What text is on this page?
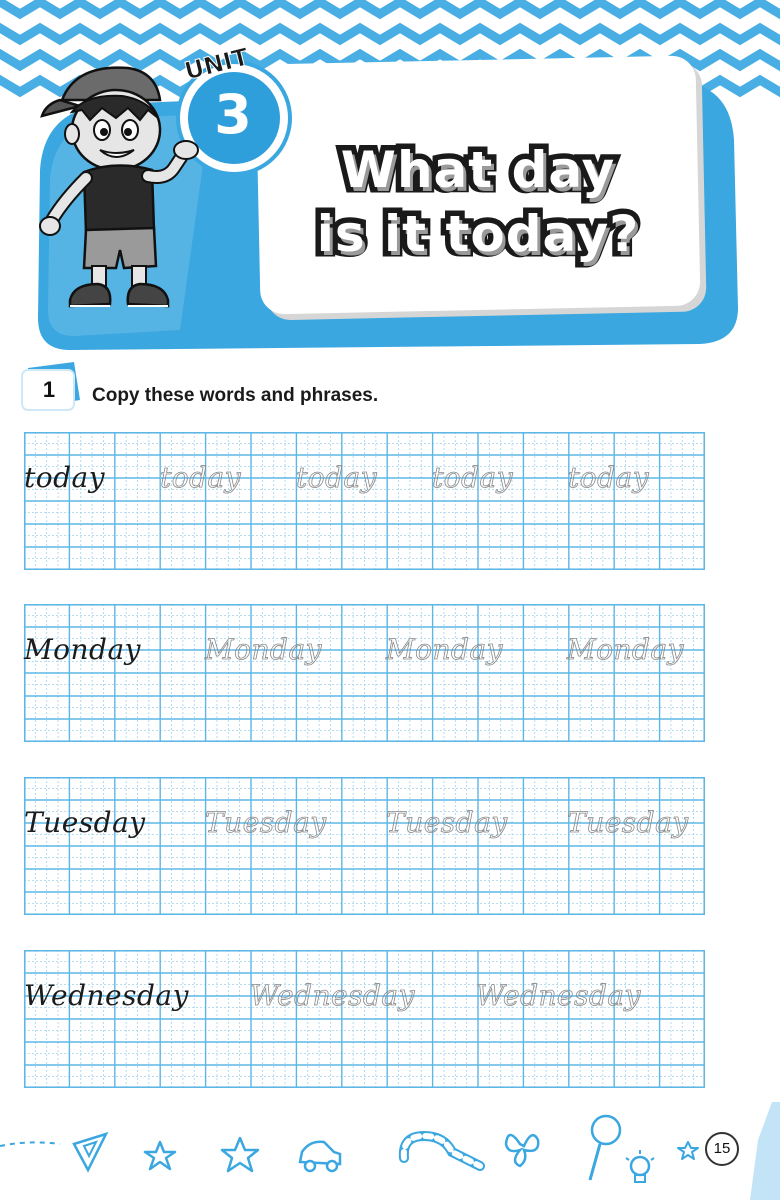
What day
is it today?
UNIT
3
1	Copy these words and phrases.
today today today today today
Monday Monday Monday Monday
Tuesday Tuesday Tuesday Tuesday
Wednesday Wednesday Wednesday
15
